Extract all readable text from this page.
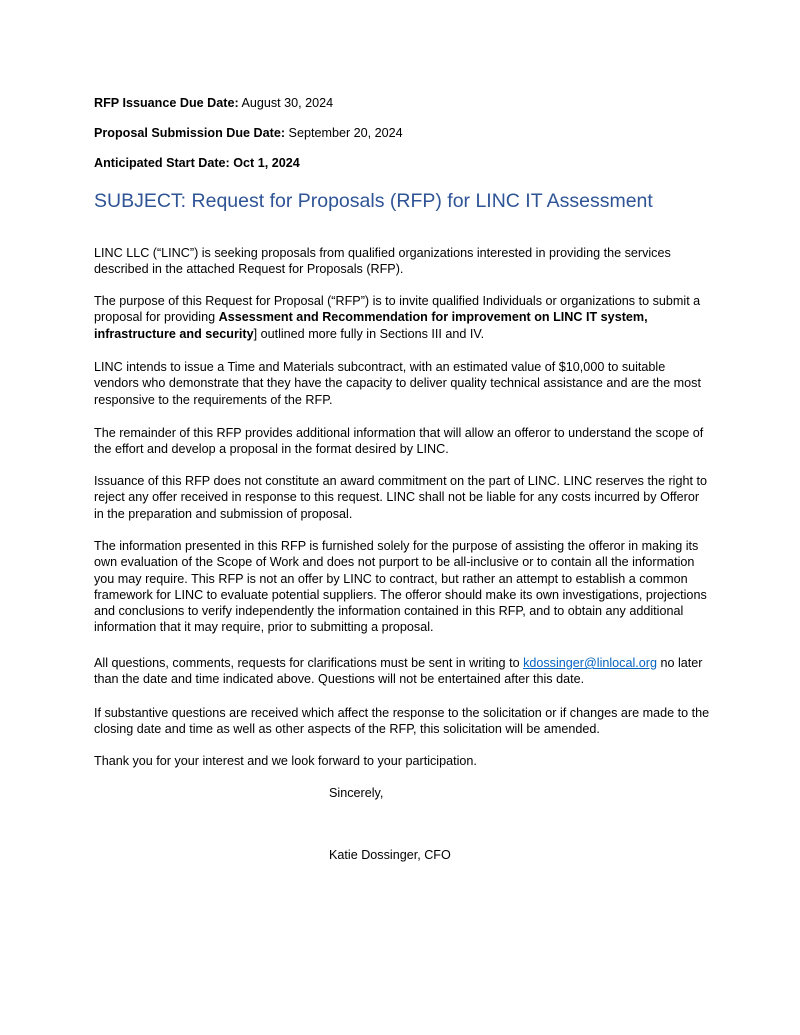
RFP Issuance Due Date: August 30, 2024
Proposal Submission Due Date: September 20, 2024
Anticipated Start Date: Oct 1, 2024
SUBJECT: Request for Proposals (RFP) for LINC IT Assessment

LINC LLC (“LINC”) is seeking proposals from qualified organizations interested in providing the services described in the attached Request for Proposals (RFP).

The purpose of this Request for Proposal (“RFP”) is to invite qualified Individuals or organizations to submit a proposal for providing Assessment and Recommendation for improvement on LINC IT system, infrastructure and security] outlined more fully in Sections III and IV.

LINC intends to issue a Time and Materials subcontract, with an estimated value of $10,000 to suitable vendors who demonstrate that they have the capacity to deliver quality technical assistance and are the most responsive to the requirements of the RFP.

The remainder of this RFP provides additional information that will allow an offeror to understand the scope of the effort and develop a proposal in the format desired by LINC.

Issuance of this RFP does not constitute an award commitment on the part of LINC. LINC reserves the right to reject any offer received in response to this request. LINC shall not be liable for any costs incurred by Offeror in the preparation and submission of proposal.

The information presented in this RFP is furnished solely for the purpose of assisting the offeror in making its own evaluation of the Scope of Work and does not purport to be all-inclusive or to contain all the information you may require. This RFP is not an offer by LINC to contract, but rather an attempt to establish a common framework for LINC to evaluate potential suppliers. The offeror should make its own investigations, projections and conclusions to verify independently the information contained in this RFP, and to obtain any additional information that it may require, prior to submitting a proposal.

All questions, comments, requests for clarifications must be sent in writing to kdossinger@linlocal.org no later than the date and time indicated above. Questions will not be entertained after this date.

If substantive questions are received which affect the response to the solicitation or if changes are made to the closing date and time as well as other aspects of the RFP, this solicitation will be amended.

Thank you for your interest and we look forward to your participation.

Sincerely,
Katie Dossinger, CFO
